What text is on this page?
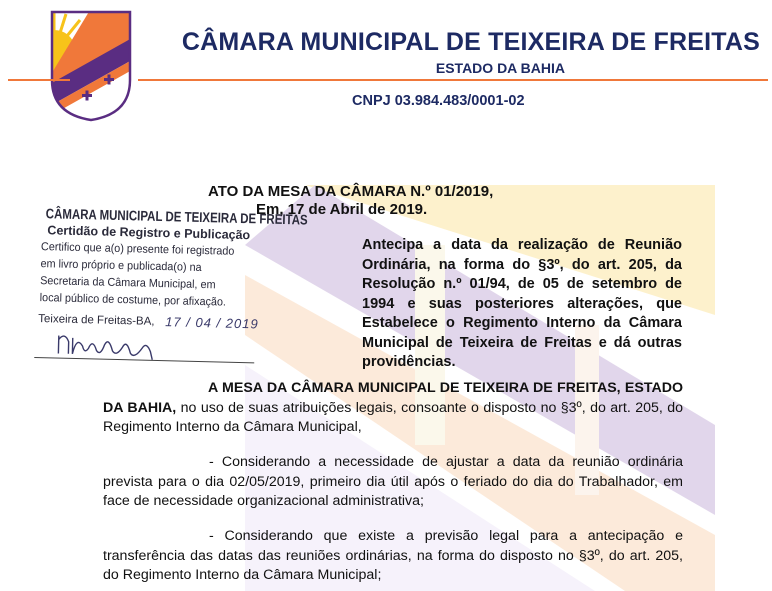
CÂMARA MUNICIPAL DE TEIXEIRA DE FREITAS
ESTADO DA BAHIA
CNPJ 03.984.483/0001-02
ATO DA MESA DA CÂMARA N.º 01/2019,
Em, 17 de Abril de 2019.
CÂMARA MUNICIPAL DE TEIXEIRA DE FREITAS
Certidão de Registro e Publicação
Certifico que a(o) presente foi registrado
em livro próprio e publicada(o) na
Secretaria da Câmara Municipal, em
local público de costume, por afixação.
Teixeira de Freitas-BA, 17 / 04 / 2019
Antecipa a data da realização de Reunião Ordinária, na forma do §3º, do art. 205, da Resolução n.º 01/94, de 05 de setembro de 1994 e suas posteriores alterações, que Estabelece o Regimento Interno da Câmara Municipal de Teixeira de Freitas e dá outras providências.
A MESA DA CÂMARA MUNICIPAL DE TEIXEIRA DE FREITAS, ESTADO DA BAHIA, no uso de suas atribuições legais, consoante o disposto no §3º, do art. 205, do Regimento Interno da Câmara Municipal,
- Considerando a necessidade de ajustar a data da reunião ordinária prevista para o dia 02/05/2019, primeiro dia útil após o feriado do dia do Trabalhador, em face de necessidade organizacional administrativa;
- Considerando que existe a previsão legal para a antecipação e transferência das datas das reuniões ordinárias, na forma do disposto no §3º, do art. 205, do Regimento Interno da Câmara Municipal;
